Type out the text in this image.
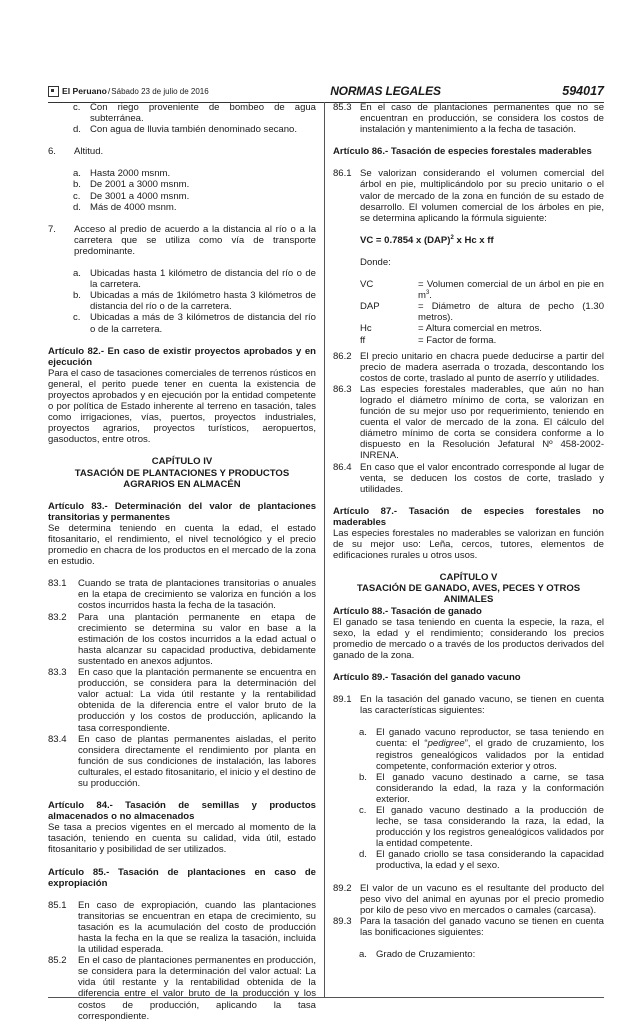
El Peruano / Sábado 23 de julio de 2016	NORMAS LEGALES	594017
c.	Con riego proveniente de bombeo de agua subterránea.
d. Con agua de lluvia también denominado secano.
6.	Altitud.
a. Hasta 2000 msnm.
b. De 2001 a 3000 msnm.
c.	De 3001 a 4000 msnm.
d. Más de 4000 msnm.
7.	Acceso al predio de acuerdo a la distancia al río o a la carretera que se utiliza como vía de transporte predominante.
a. Ubicadas hasta 1 kilómetro de distancia del río o de la carretera.
b. Ubicadas a más de 1kilómetro hasta 3 kilómetros de distancia del río o de la carretera.
c.	Ubicadas a más de 3 kilómetros de distancia del río o de la carretera.

Artículo 82.- En caso de existir proyectos aprobados y en ejecución

Para el caso de tasaciones comerciales de terrenos rústicos en general, el perito puede tener en cuenta la existencia de proyectos aprobados y en ejecución por la entidad competente o por política de Estado inherente al terreno en tasación, tales como irrigaciones, vías, puertos, proyectos industriales, proyectos agrarios, proyectos turísticos, aeropuertos, gasoductos, entre otros.

CAPÍTULO IV

TASACIÓN DE PLANTACIONES Y PRODUCTOS

AGRARIOS EN ALMACÉN

Artículo 83.- Determinación del valor de plantaciones transitorias y permanentes

Se determina teniendo en cuenta la edad, el estado fitosanitario, el rendimiento, el nivel tecnológico y el precio promedio en chacra de los productos en el mercado de la zona en estudio.

83.1	Cuando se trata de plantaciones transitorias o anuales en la etapa de crecimiento se valoriza en función a los costos incurridos hasta la fecha de la tasación.
83.2	Para una plantación permanente en etapa de crecimiento se determina su valor en base a la estimación de los costos incurridos a la edad actual o hasta alcanzar su capacidad productiva, debidamente sustentado en anexos adjuntos.
83.3	En caso que la plantación permanente se encuentra en producción, se considera para la determinación del valor actual: La vida útil restante y la rentabilidad obtenida de la diferencia entre el valor bruto de la producción y los costos de producción, aplicando la tasa correspondiente.
83.4	En caso de plantas permanentes aisladas, el perito considera directamente el rendimiento por planta en función de sus condiciones de instalación, las labores culturales, el estado fitosanitario, el inicio y el destino de su producción.

Artículo 84.- Tasación de semillas y productos almacenados o no almacenados

Se tasa a precios vigentes en el mercado al momento de la tasación, teniendo en cuenta su calidad, vida útil, estado fitosanitario y posibilidad de ser utilizados.

Artículo 85.- Tasación de plantaciones en caso de expropiación

85.1	En caso de expropiación, cuando las plantaciones transitorias se encuentran en etapa de crecimiento, su tasación es la acumulación del costo de producción hasta la fecha en la que se realiza la tasación, incluida la utilidad esperada.
85.2	En el caso de plantaciones permanentes en producción, se considera para la determinación del valor actual: La vida útil restante y la rentabilidad obtenida de la diferencia entre el valor bruto de la producción y los costos de producción, aplicando la tasa correspondiente.
85.3 En el caso de plantaciones permanentes que no se encuentran en producción, se considera los costos de instalación y mantenimiento a la fecha de tasación.

Artículo 86.- Tasación de especies forestales maderables

86.1 Se valorizan considerando el volumen comercial del árbol en pie, multiplicándolo por su precio unitario o el valor de mercado de la zona en función de su estado de desarrollo. El volumen comercial de los árboles en pie, se determina aplicando la fórmula siguiente:

VC = 0.7854 x (DAP)$^2$ x Hc x ff

Donde:

VC	= Volumen comercial de un árbol en pie en $m^3$.
DAP	= Diámetro de altura de pecho (1.30 metros).
Hc	= Altura comercial en metros.
ff	= Factor de forma.
86.2 El precio unitario en chacra puede deducirse a partir del precio de madera aserrada o trozada, descontando los costos de corte, traslado al punto de aserrío y utilidades.
86.3 Las especies forestales maderables, que aún no han logrado el diámetro mínimo de corta, se valorizan en función de su mejor uso por requerimiento, teniendo en cuenta el valor de mercado de la zona. El cálculo del diámetro mínimo de corta se considera conforme a lo dispuesto en la Resolución Jefatural Nº 458-2002-INRENA.
86.4 En caso que el valor encontrado corresponde al lugar de venta, se deducen los costos de corte, traslado y utilidades.

Artículo 87.- Tasación de especies forestales no maderables

Las especies forestales no maderables se valorizan en función de su mejor uso: Leña, cercos, tutores, elementos de edificaciones rurales u otros usos.

CAPÍTULO V

TASACIÓN DE GANADO, AVES, PECES Y OTROS

ANIMALES

Artículo 88.- Tasación de ganado

El ganado se tasa teniendo en cuenta la especie, la raza, el sexo, la edad y el rendimiento; considerando los precios promedio de mercado o a través de los productos derivados del ganado de la zona.

Artículo 89.- Tasación del ganado vacuno

89.1 En la tasación del ganado vacuno, se tienen en cuenta las características siguientes:
a. El ganado vacuno reproductor, se tasa teniendo en cuenta: el “pedigree”, el grado de cruzamiento, los registros genealógicos validados por la entidad competente, conformación exterior y otros.
b. El ganado vacuno destinado a carne, se tasa considerando la edad, la raza y la conformación exterior.
c.	El ganado vacuno destinado a la producción de leche, se tasa considerando la raza, la edad, la producción y los registros genealógicos validados por la entidad competente.
d. El ganado criollo se tasa considerando la capacidad productiva, la edad y el sexo.
89.2 El valor de un vacuno es el resultante del producto del peso vivo del animal en ayunas por el precio promedio por kilo de peso vivo en mercados o camales (carcasa).
89.3 Para la tasación del ganado vacuno se tienen en cuenta las bonificaciones siguientes:
a. Grado de Cruzamiento:
